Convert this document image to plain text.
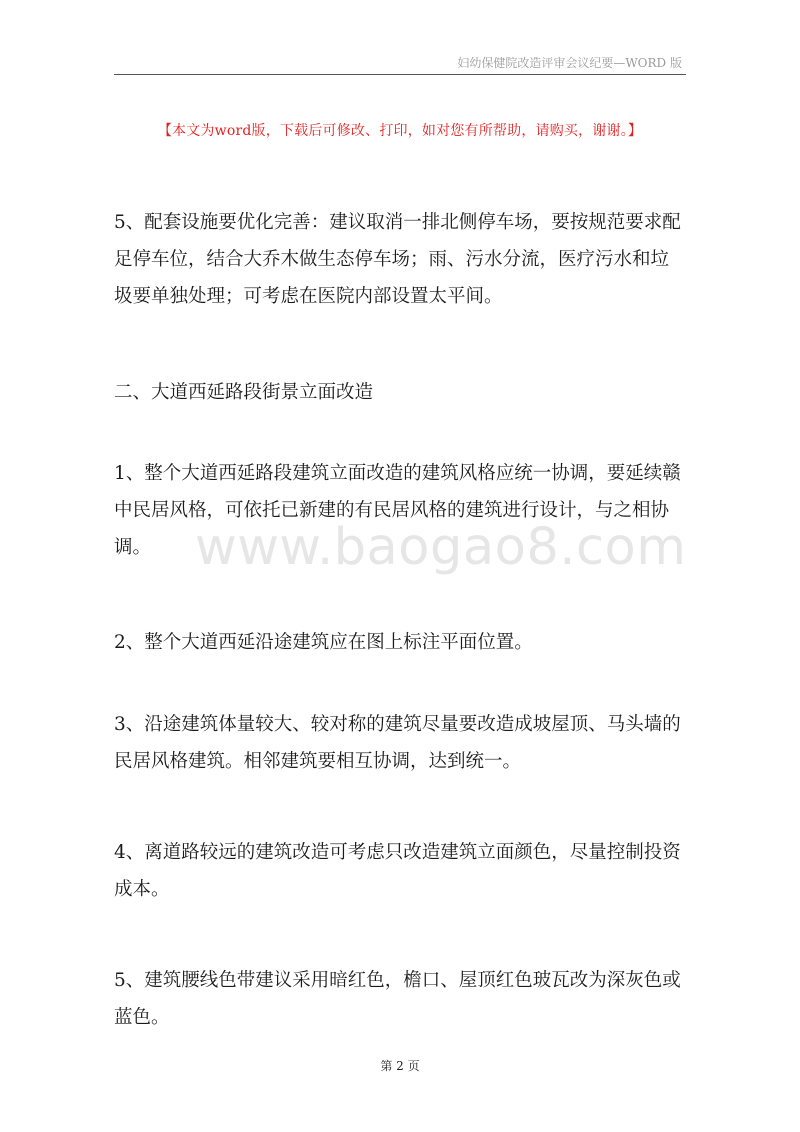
妇幼保健院改造评审会议纪要—WORD 版
【本文为word版，下载后可修改、打印，如对您有所帮助，请购买，谢谢。】

5、配套设施要优化完善：建议取消一排北侧停车场，要按规范要求配足停车位，结合大乔木做生态停车场；雨、污水分流，医疗污水和垃圾要单独处理；可考虑在医院内部设置太平间。

二、大道西延路段街景立面改造

1、整个大道西延路段建筑立面改造的建筑风格应统一协调，要延续赣中民居风格，可依托已新建的有民居风格的建筑进行设计，与之相协调。

2、整个大道西延沿途建筑应在图上标注平面位置。

3、沿途建筑体量较大、较对称的建筑尽量要改造成坡屋顶、马头墙的民居风格建筑。相邻建筑要相互协调，达到统一。

4、离道路较远的建筑改造可考虑只改造建筑立面颜色，尽量控制投资成本。

5、建筑腰线色带建议采用暗红色，檐口、屋顶红色玻瓦改为深灰色或蓝色。

www.baogao8.com
第 2 页
